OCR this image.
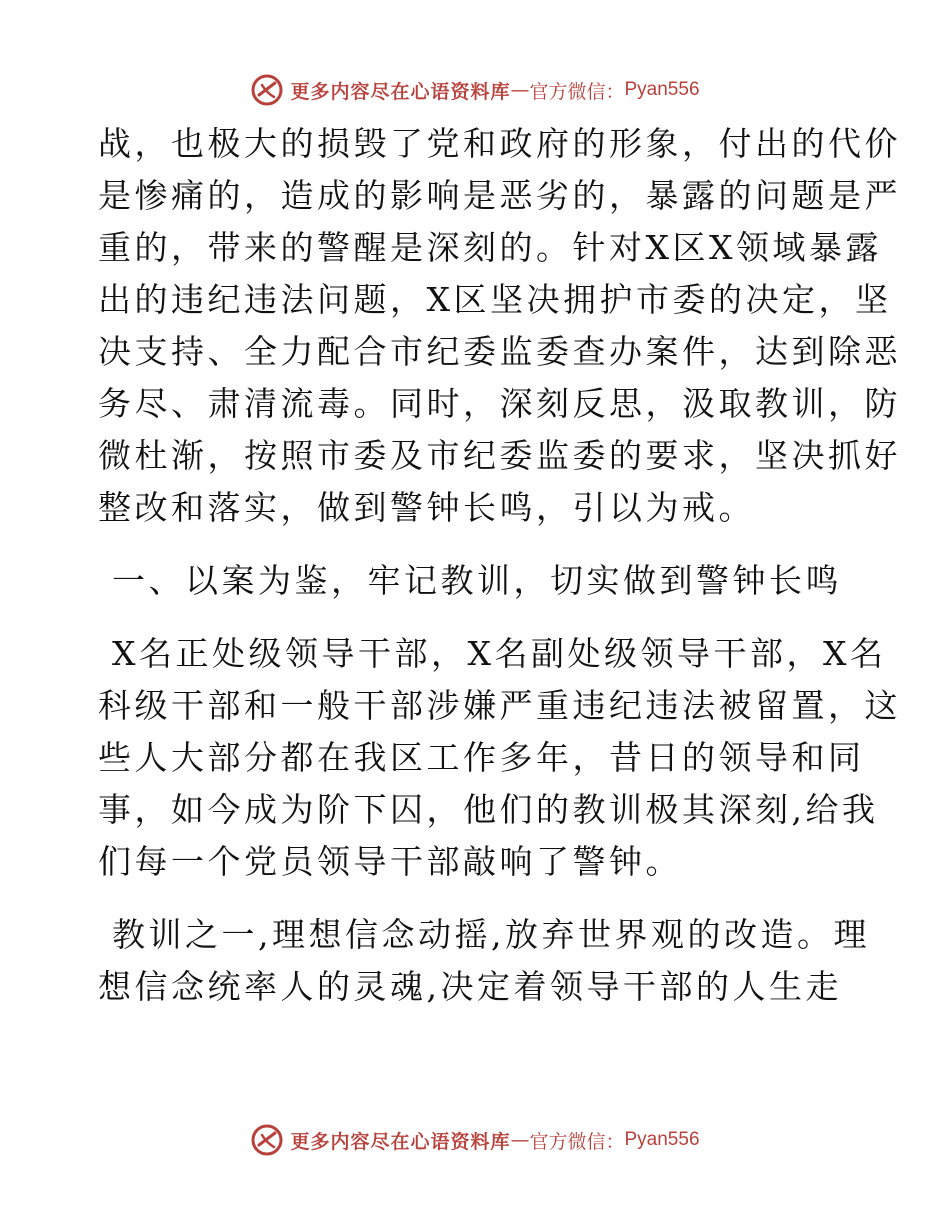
更多内容尽在心语资料库 — 官方微信： Pyan556
战，也极大的损毁了党和政府的形象，付出的代价
是惨痛的，造成的影响是恶劣的，暴露的问题是严
重的，带来的警醒是深刻的。针对X区X领域暴露
出的违纪违法问题，X区坚决拥护市委的决定，坚
决支持、全力配合市纪委监委查办案件，达到除恶
务尽、肃清流毒。同时，深刻反思，汲取教训，防
微杜渐，按照市委及市纪委监委的要求，坚决抓好
整改和落实，做到警钟长鸣，引以为戒。
一、以案为鉴，牢记教训，切实做到警钟长鸣
X名正处级领导干部，X名副处级领导干部，X名
科级干部和一般干部涉嫌严重违纪违法被留置，这
些人大部分都在我区工作多年，昔日的领导和同
事，如今成为阶下囚，他们的教训极其深刻,给我
们每一个党员领导干部敲响了警钟。
教训之一,理想信念动摇,放弃世界观的改造。理
想信念统率人的灵魂,决定着领导干部的人生走
更多内容尽在心语资料库 — 官方微信： Pyan556
